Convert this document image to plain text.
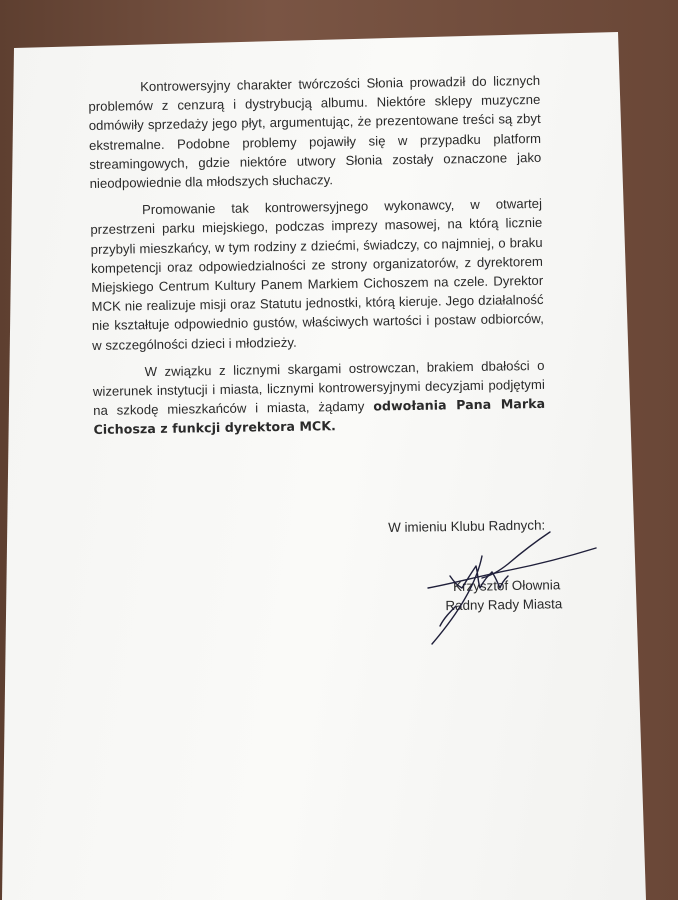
Kontrowersyjny charakter twórczości Słonia prowadził do licznych problemów z cenzurą i dystrybucją albumu. Niektóre sklepy muzyczne odmówiły sprzedaży jego płyt, argumentując, że prezentowane treści są zbyt ekstremalne. Podobne problemy pojawiły się w przypadku platform streamingowych, gdzie niektóre utwory Słonia zostały oznaczone jako nieodpowiednie dla młodszych słuchaczy.

Promowanie tak kontrowersyjnego wykonawcy, w otwartej przestrzeni parku miejskiego, podczas imprezy masowej, na którą licznie przybyli mieszkańcy, w tym rodziny z dziećmi, świadczy, co najmniej, o braku kompetencji oraz odpowiedzialności ze strony organizatorów, z dyrektorem Miejskiego Centrum Kultury Panem Markiem Cichoszem na czele. Dyrektor MCK nie realizuje misji oraz Statutu jednostki, którą kieruje. Jego działalność nie kształtuje odpowiednio gustów, właściwych wartości i postaw odbiorców, w szczególności dzieci i młodzieży.

W związku z licznymi skargami ostrowczan, brakiem dbałości o wizerunek instytucji i miasta, licznymi kontrowersyjnymi decyzjami podjętymi na szkodę mieszkańców i miasta, żądamy odwołania Pana Marka Cichosza z funkcji dyrektora MCK.

W imieniu Klubu Radnych:
Krzysztof Ołownia
Radny Rady Miasta
